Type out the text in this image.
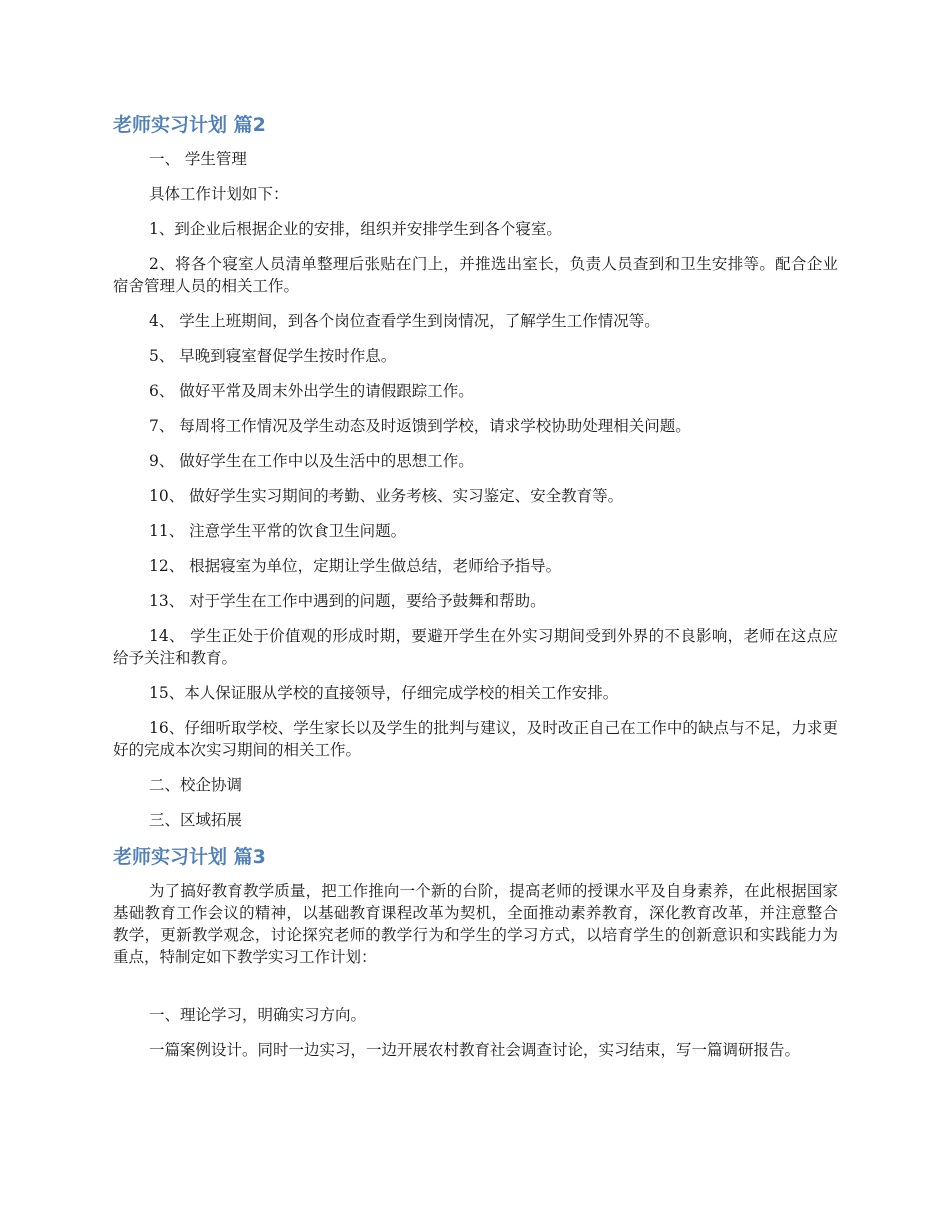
老师实习计划 篇2

一、 学生管理

具体工作计划如下：

1、到企业后根据企业的安排，组织并安排学生到各个寝室。

2、将各个寝室人员清单整理后张贴在门上，并推选出室长，负责人员查到和卫生安排等。配合企业宿舍管理人员的相关工作。

4、 学生上班期间，到各个岗位查看学生到岗情况，了解学生工作情况等。

5、 早晚到寝室督促学生按时作息。

6、 做好平常及周末外出学生的请假跟踪工作。

7、 每周将工作情况及学生动态及时返馈到学校，请求学校协助处理相关问题。

9、 做好学生在工作中以及生活中的思想工作。

10、 做好学生实习期间的考勤、业务考核、实习鉴定、安全教育等。

11、 注意学生平常的饮食卫生问题。

12、 根据寝室为单位，定期让学生做总结，老师给予指导。

13、 对于学生在工作中遇到的问题，要给予鼓舞和帮助。

14、 学生正处于价值观的形成时期，要避开学生在外实习期间受到外界的不良影响，老师在这点应给予关注和教育。

15、本人保证服从学校的直接领导，仔细完成学校的相关工作安排。

16、仔细听取学校、学生家长以及学生的批判与建议，及时改正自己在工作中的缺点与不足，力求更好的完成本次实习期间的相关工作。

二、校企协调

三、区域拓展

老师实习计划 篇3

为了搞好教育教学质量，把工作推向一个新的台阶，提高老师的授课水平及自身素养，在此根据国家基础教育工作会议的精神，以基础教育课程改革为契机，全面推动素养教育，深化教育改革，并注意整合教学，更新教学观念，讨论探究老师的教学行为和学生的学习方式，以培育学生的创新意识和实践能力为重点，特制定如下教学实习工作计划：

一、理论学习，明确实习方向。

一篇案例设计。同时一边实习，一边开展农村教育社会调查讨论，实习结束，写一篇调研报告。
